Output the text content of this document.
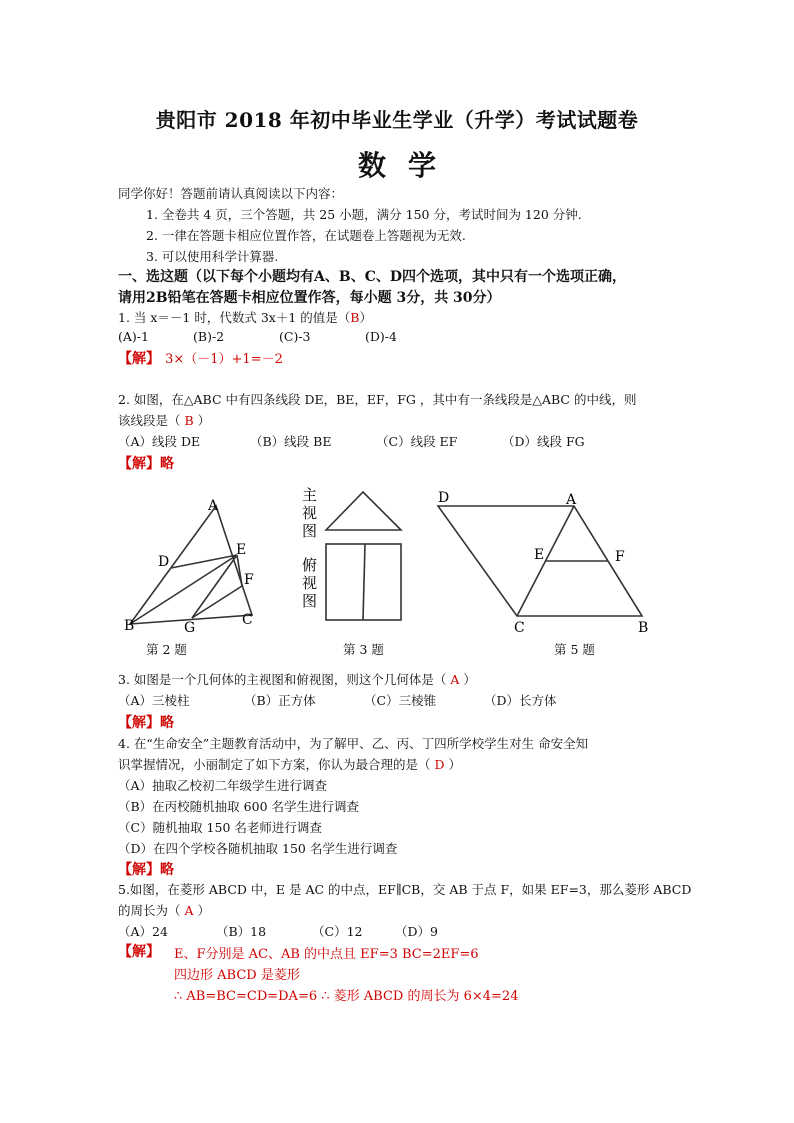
贵阳市 2018 年初中毕业生学业（升学）考试试题卷
数学
同学你好！答题前请认真阅读以下内容：
1. 全卷共 4 页，三个答题，共 25 小题，满分 150 分，考试时间为 120 分钟.
2. 一律在答题卡相应位置作答，在试题卷上答题视为无效.
3. 可以使用科学计算器.
一、选这题（以下每个小题均有A、B、C、D四个选项，其中只有一个选项正确，
请用2B铅笔在答题卡相应位置作答，每小题 3分，共 30分）
1. 当 x＝－1 时，代数式 3x＋1 的值是（B）
(A)-1	(B)-2	(C)-3	(D)-4
【解】 3×（－1）+1=－2
2. 如图，在△ABC 中有四条线段 DE，BE，EF，FG ，其中有一条线段是△ABC 的中线，则
该线段是（ B ）
（A）线段 DE	（B）线段 BE	（C）线段 EF	（D）线段 FG
【解】略
A
B	C
D
E
F
G
第 2 题
主
视
图
俯
视
图
第 3 题
D	A
C	B
E	F
第 5 题
3. 如图是一个几何体的主视图和俯视图，则这个几何体是（ A ）
（A）三棱柱	（B）正方体	（C）三棱锥	（D）长方体
【解】略
4. 在“生命安全”主题教育活动中，为了解甲、乙、丙、丁四所学校学生对生 命安全知
识掌握情况，小丽制定了如下方案，你认为最合理的是（ D ）
（A）抽取乙校初二年级学生进行调查
（B）在丙校随机抽取 600 名学生进行调查
（C）随机抽取 150 名老师进行调查
（D）在四个学校各随机抽取 150 名学生进行调查
【解】略
5.如图，在菱形 ABCD 中，E 是 AC 的中点，EF∥CB，交 AB 于点 F，如果 EF=3，那么菱形 ABCD
的周长为（ A ）
（A）24	（B）18	（C）12	（D）9
【解】 E、F分别是 AC、AB 的中点且 EF=3 BC=2EF=6
四边形 ABCD 是菱形
∴ AB=BC=CD=DA=6 ∴ 菱形 ABCD 的周长为 6×4=24
